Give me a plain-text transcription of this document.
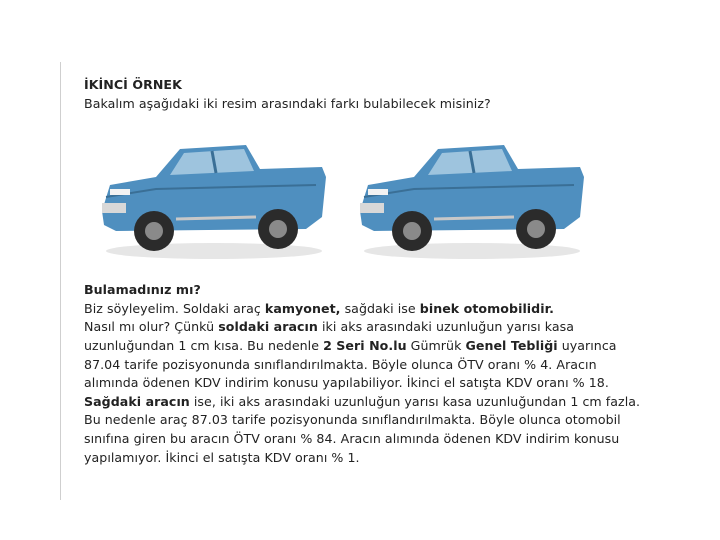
İKİNCİ ÖRNEK
Bakalım aşağıdaki iki resim arasındaki farkı bulabilecek misiniz?
Bulamadınız mı?

Biz söyleyelim. Soldaki araç kamyonet, sağdaki ise binek otomobilidir.

Nasıl mı olur? Çünkü soldaki aracın iki aks arasındaki uzunluğun yarısı kasa uzunluğundan 1 cm kısa. Bu nedenle 2 Seri No.lu Gümrük Genel Tebliği uyarınca 87.04 tarife pozisyonunda sınıflandırılmakta. Böyle olunca ÖTV oranı % 4. Aracın alımında ödenen KDV indirim konusu yapılabiliyor. İkinci el satışta KDV oranı % 18.

Sağdaki aracın ise, iki aks arasındaki uzunluğun yarısı kasa uzunluğundan 1 cm fazla. Bu nedenle araç 87.03 tarife pozisyonunda sınıflandırılmakta. Böyle olunca otomobil sınıfına giren bu aracın ÖTV oranı % 84. Aracın alımında ödenen KDV indirim konusu yapılamıyor. İkinci el satışta KDV oranı % 1.
